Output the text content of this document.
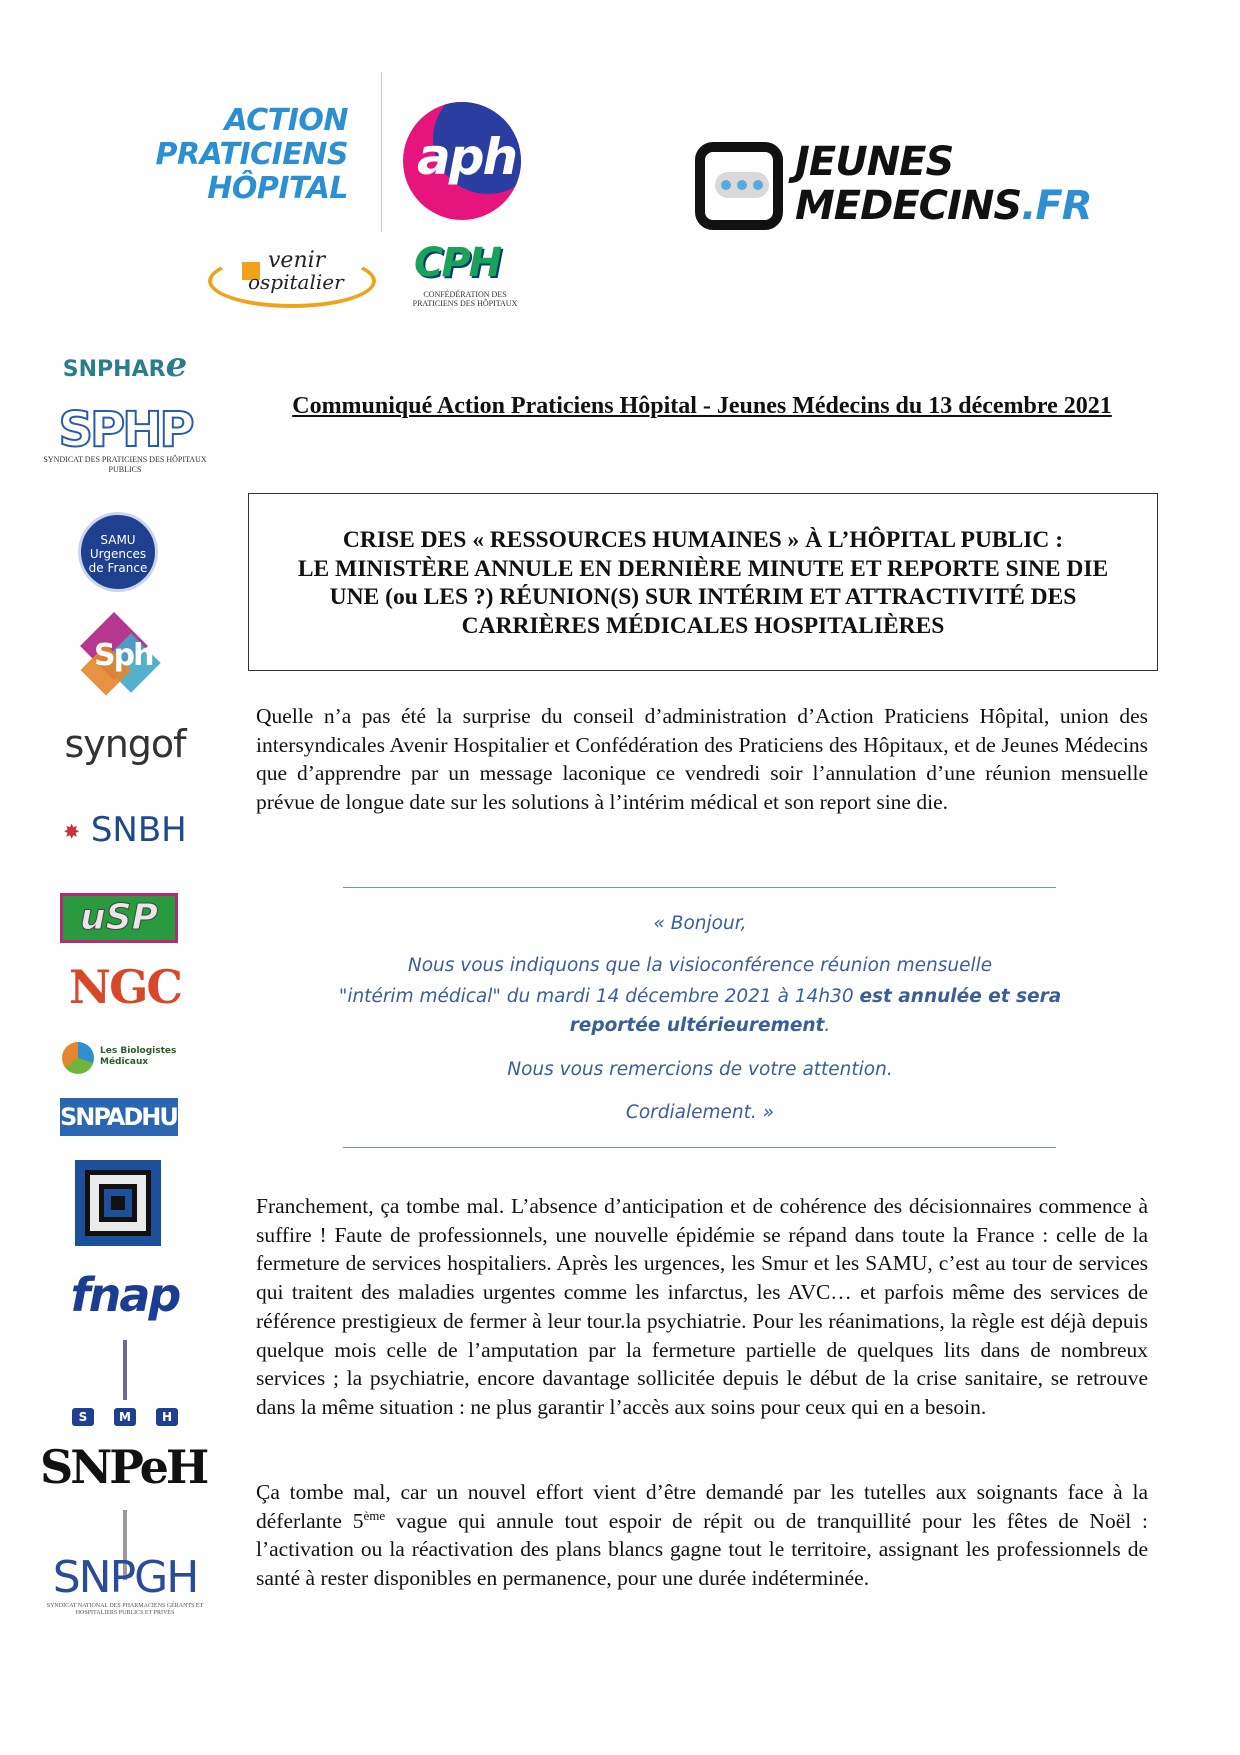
ACTION
PRATICIENS
HÔPITAL
aph
venir
ospitalier CPH
CONFÉDÉRATION DES PRATICIENS DES HÔPITAUX
JEUNES
MEDECINS.FR
SNPHARe
SPHP
SYNDICAT DES PRATICIENS DES HÔPITAUX PUBLICS
SAMU Urgences de France
Sph
syngof
✸ SNBH
uSP
NGC
Les Biologistes Médicaux
SNPADHUE
fnap
S	M	H
SNPeH
SNPGH
SYNDICAT NATIONAL DES PHARMACIENS GÉRANTS ET HOSPITALIERS PUBLICS ET PRIVÉS
Communiqué Action Praticiens Hôpital - Jeunes Médecins du 13 décembre 2021
CRISE DES « RESSOURCES HUMAINES » À L’HÔPITAL PUBLIC :
LE MINISTÈRE ANNULE EN DERNIÈRE MINUTE ET REPORTE SINE DIE
UNE (ou LES ?) RÉUNION(S) SUR INTÉRIM ET ATTRACTIVITÉ DES
CARRIÈRES MÉDICALES HOSPITALIÈRES
Quelle n’a pas été la surprise du conseil d’administration d’Action Praticiens Hôpital, union des intersyndicales Avenir Hospitalier et Confédération des Praticiens des Hôpitaux, et de Jeunes Médecins que d’apprendre par un message laconique ce vendredi soir l’annulation d’une réunion mensuelle prévue de longue date sur les solutions à l’intérim médical et son report sine die.
« Bonjour,
Nous vous indiquons que la visioconférence réunion mensuelle
"intérim médical" du mardi 14 décembre 2021 à 14h30 est annulée et sera reportée ultérieurement.
Nous vous remercions de votre attention.
Cordialement. »
Franchement, ça tombe mal. L’absence d’anticipation et de cohérence des décisionnaires commence à suffire ! Faute de professionnels, une nouvelle épidémie se répand dans toute la France : celle de la fermeture de services hospitaliers. Après les urgences, les Smur et les SAMU, c’est au tour de services qui traitent des maladies urgentes comme les infarctus, les AVC… et parfois même des services de référence prestigieux de fermer à leur tour.la psychiatrie. Pour les réanimations, la règle est déjà depuis quelque mois celle de l’amputation par la fermeture partielle de quelques lits dans de nombreux services ; la psychiatrie, encore davantage sollicitée depuis le début de la crise sanitaire, se retrouve dans la même situation : ne plus garantir l’accès aux soins pour ceux qui en a besoin.
Ça tombe mal, car un nouvel effort vient d’être demandé par les tutelles aux soignants face à la déferlante 5ème vague qui annule tout espoir de répit ou de tranquillité pour les fêtes de Noël : l’activation ou la réactivation des plans blancs gagne tout le territoire, assignant les professionnels de santé à rester disponibles en permanence, pour une durée indéterminée.
